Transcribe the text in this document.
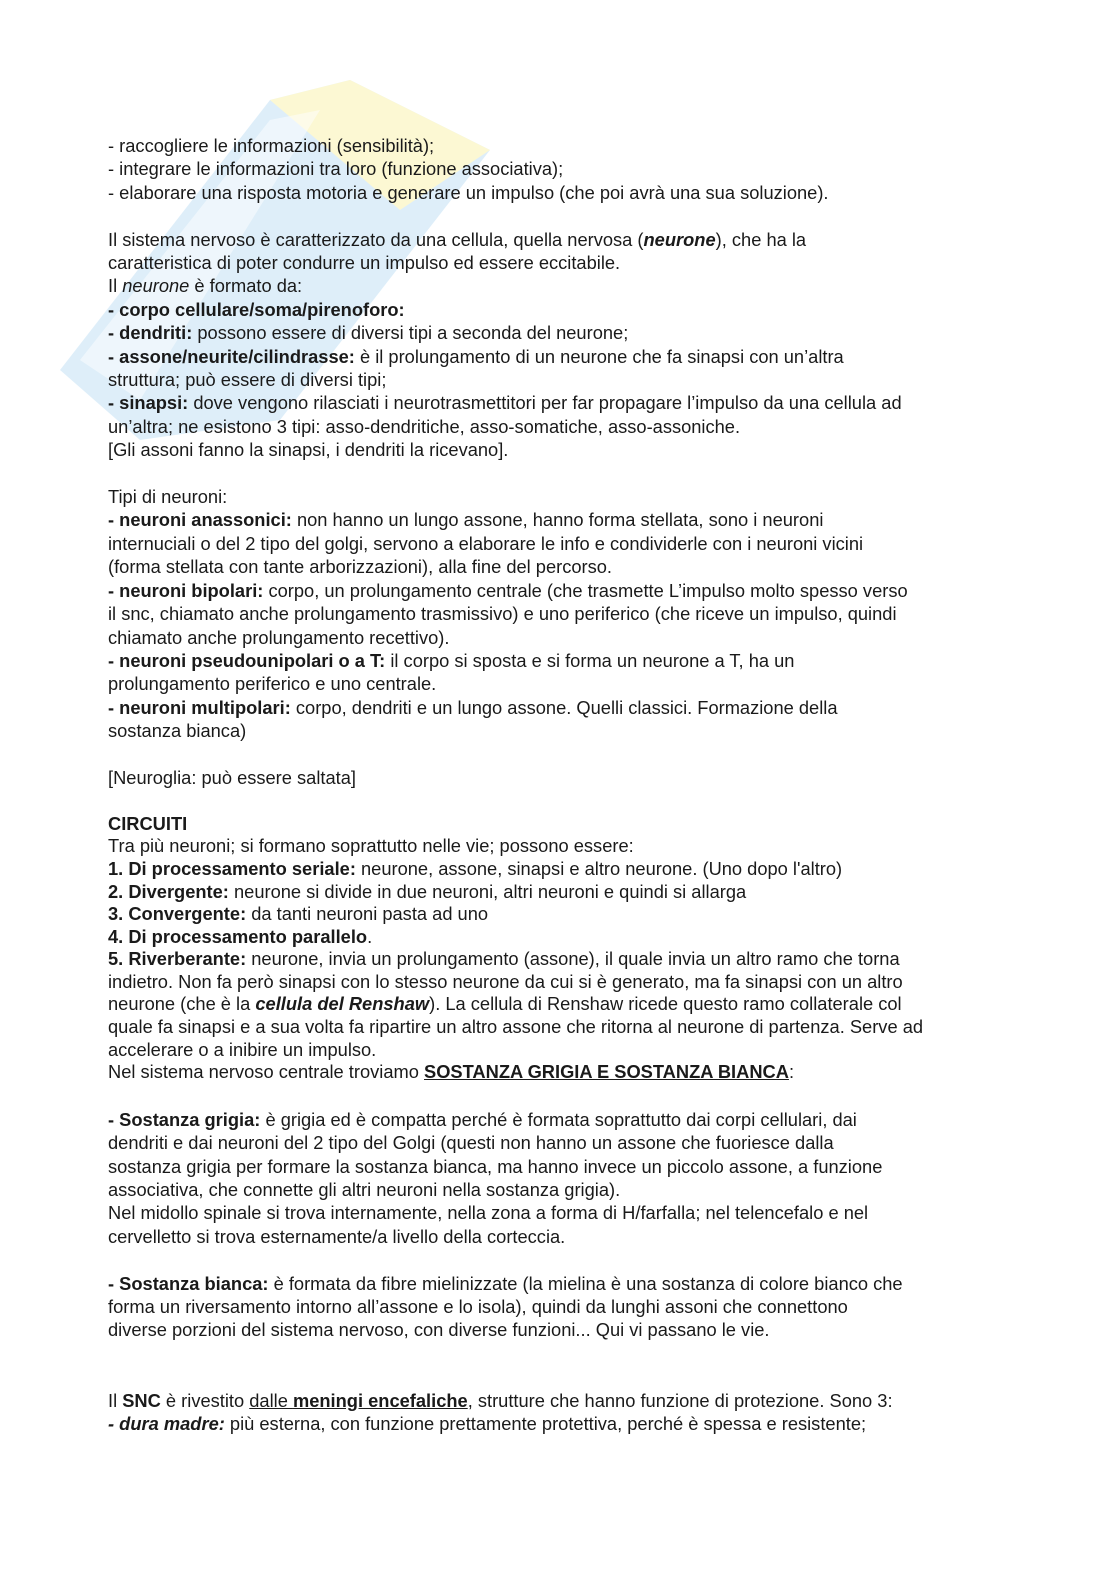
- raccogliere le informazioni (sensibilità);

- integrare le informazioni tra loro (funzione associativa);

- elaborare una risposta motoria e generare un impulso (che poi avrà una sua soluzione).

Il sistema nervoso è caratterizzato da una cellula, quella nervosa (neurone), che ha la

caratteristica di poter condurre un impulso ed essere eccitabile.

Il neurone è formato da:

- corpo cellulare/soma/pirenoforo:

- dendriti: possono essere di diversi tipi a seconda del neurone;

- assone/neurite/cilindrasse: è il prolungamento di un neurone che fa sinapsi con un’altra

struttura; può essere di diversi tipi;

- sinapsi: dove vengono rilasciati i neurotrasmettitori per far propagare l’impulso da una cellula ad

un’altra; ne esistono 3 tipi: asso-dendritiche, asso-somatiche, asso-assoniche.

[Gli assoni fanno la sinapsi, i dendriti la ricevano].

Tipi di neuroni:

- neuroni anassonici: non hanno un lungo assone, hanno forma stellata, sono i neuroni

internuciali o del 2 tipo del golgi, servono a elaborare le info e condividerle con i neuroni vicini

(forma stellata con tante arborizzazioni), alla fine del percorso.

- neuroni bipolari: corpo, un prolungamento centrale (che trasmette L’impulso molto spesso verso

il snc, chiamato anche prolungamento trasmissivo) e uno periferico (che riceve un impulso, quindi

chiamato anche prolungamento recettivo).

- neuroni pseudounipolari o a T: il corpo si sposta e si forma un neurone a T, ha un

prolungamento periferico e uno centrale.

- neuroni multipolari: corpo, dendriti e un lungo assone. Quelli classici. Formazione della

sostanza bianca)

[Neuroglia: può essere saltata]

CIRCUITI

Tra più neuroni; si formano soprattutto nelle vie; possono essere:

1. Di processamento seriale: neurone, assone, sinapsi e altro neurone. (Uno dopo l'altro)

2. Divergente: neurone si divide in due neuroni, altri neuroni e quindi si allarga

3. Convergente: da tanti neuroni pasta ad uno

4. Di processamento parallelo.

5. Riverberante: neurone, invia un prolungamento (assone), il quale invia un altro ramo che torna

indietro. Non fa però sinapsi con lo stesso neurone da cui si è generato, ma fa sinapsi con un altro

neurone (che è la cellula del Renshaw). La cellula di Renshaw ricede questo ramo collaterale col

quale fa sinapsi e a sua volta fa ripartire un altro assone che ritorna al neurone di partenza. Serve ad

accelerare o a inibire un impulso.

Nel sistema nervoso centrale troviamo SOSTANZA GRIGIA E SOSTANZA BIANCA:

- Sostanza grigia: è grigia ed è compatta perché è formata soprattutto dai corpi cellulari, dai

dendriti e dai neuroni del 2 tipo del Golgi (questi non hanno un assone che fuoriesce dalla

sostanza grigia per formare la sostanza bianca, ma hanno invece un piccolo assone, a funzione

associativa, che connette gli altri neuroni nella sostanza grigia).

Nel midollo spinale si trova internamente, nella zona a forma di H/farfalla; nel telencefalo e nel

cervelletto si trova esternamente/a livello della corteccia.

- Sostanza bianca: è formata da fibre mielinizzate (la mielina è una sostanza di colore bianco che

forma un riversamento intorno all’assone e lo isola), quindi da lunghi assoni che connettono

diverse porzioni del sistema nervoso, con diverse funzioni... Qui vi passano le vie.

Il SNC è rivestito dalle meningi encefaliche, strutture che hanno funzione di protezione. Sono 3:

- dura madre: più esterna, con funzione prettamente protettiva, perché è spessa e resistente;
